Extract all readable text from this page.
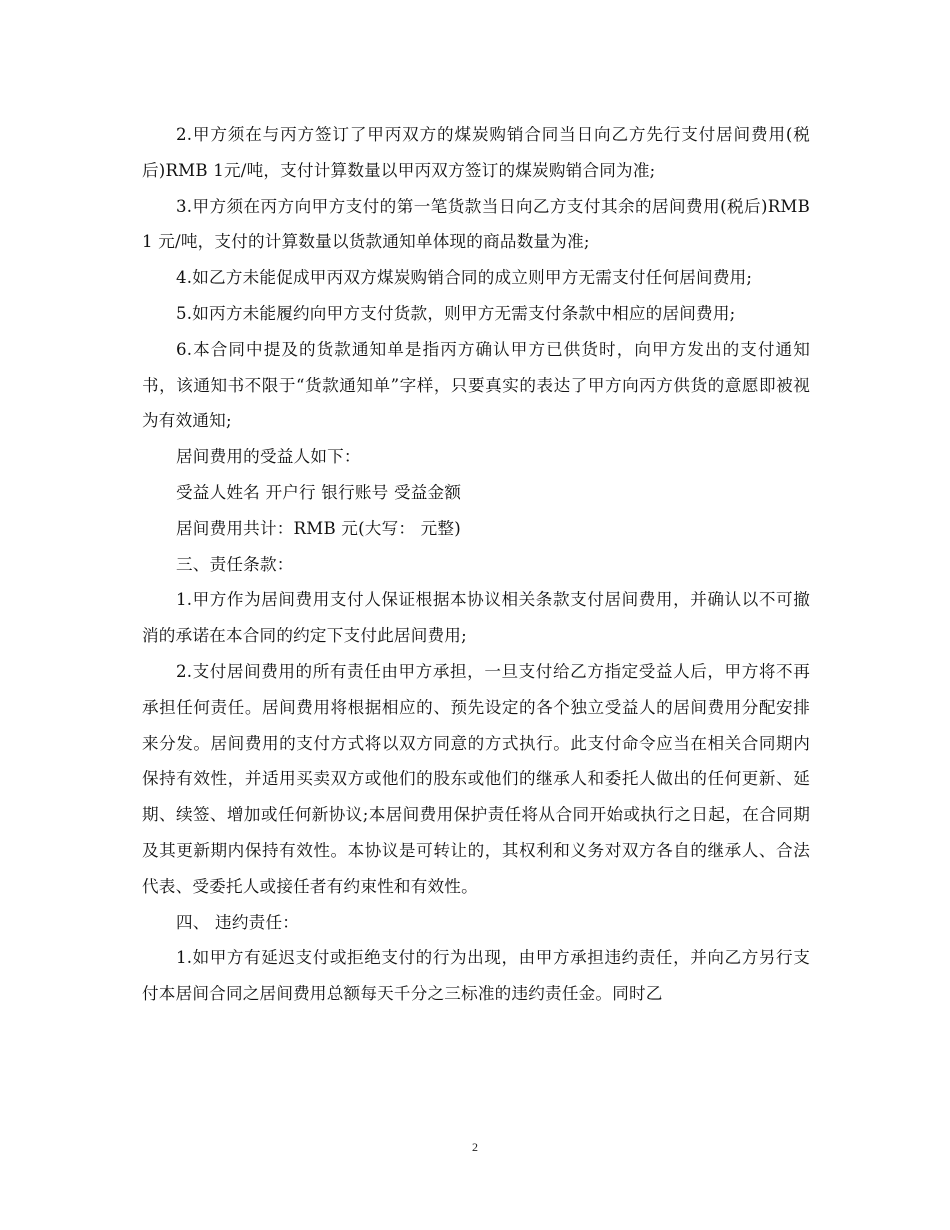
2.甲方须在与丙方签订了甲丙双方的煤炭购销合同当日向乙方先行支付居间费用(税后)RMB 1元/吨，支付计算数量以甲丙双方签订的煤炭购销合同为准;

3.甲方须在丙方向甲方支付的第一笔货款当日向乙方支付其余的居间费用(税后)RMB 1 元/吨，支付的计算数量以货款通知单体现的商品数量为准;

4.如乙方未能促成甲丙双方煤炭购销合同的成立则甲方无需支付任何居间费用;

5.如丙方未能履约向甲方支付货款，则甲方无需支付条款中相应的居间费用;

6.本合同中提及的货款通知单是指丙方确认甲方已供货时，向甲方发出的支付通知书，该通知书不限于“货款通知单”字样，只要真实的表达了甲方向丙方供货的意愿即被视为有效通知;

居间费用的受益人如下：

受益人姓名 开户行 银行账号 受益金额

居间费用共计：RMB 元(大写： 元整)

三、责任条款：

1.甲方作为居间费用支付人保证根据本协议相关条款支付居间费用，并确认以不可撤消的承诺在本合同的约定下支付此居间费用;

2.支付居间费用的所有责任由甲方承担，一旦支付给乙方指定受益人后，甲方将不再承担任何责任。居间费用将根据相应的、预先设定的各个独立受益人的居间费用分配安排来分发。居间费用的支付方式将以双方同意的方式执行。此支付命令应当在相关合同期内保持有效性，并适用买卖双方或他们的股东或他们的继承人和委托人做出的任何更新、延期、续签、增加或任何新协议;本居间费用保护责任将从合同开始或执行之日起，在合同期及其更新期内保持有效性。本协议是可转让的，其权利和义务对双方各自的继承人、合法代表、受委托人或接任者有约束性和有效性。

四、 违约责任：

1.如甲方有延迟支付或拒绝支付的行为出现，由甲方承担违约责任，并向乙方另行支付本居间合同之居间费用总额每天千分之三标准的违约责任金。同时乙

2
